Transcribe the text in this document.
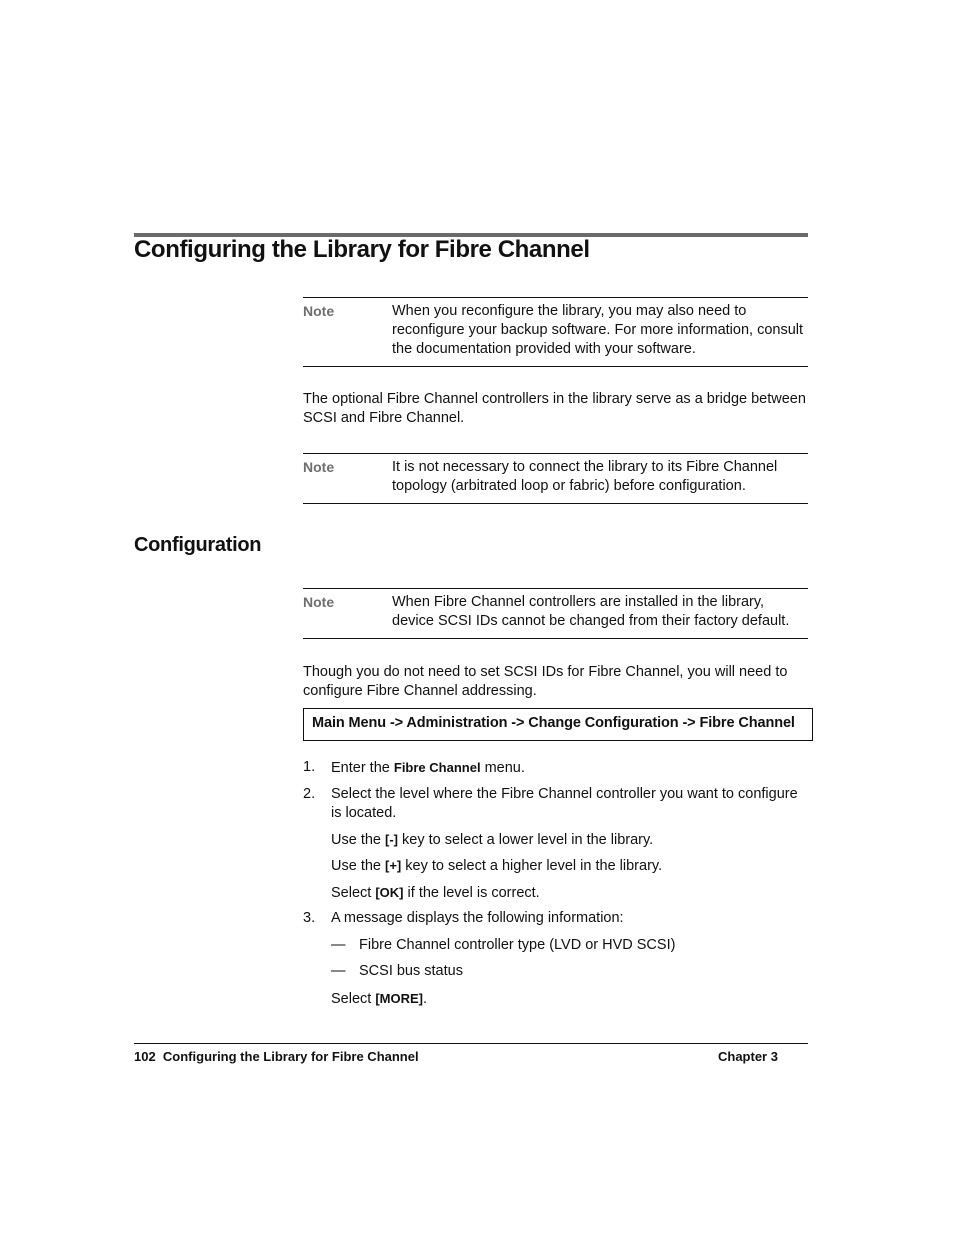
Configuring the Library for Fibre Channel
Note	When you reconfigure the library, you may also need to reconfigure your backup software. For more information, consult the documentation provided with your software.
The optional Fibre Channel controllers in the library serve as a bridge between SCSI and Fibre Channel.
Note	It is not necessary to connect the library to its Fibre Channel topology (arbitrated loop or fabric) before configuration.
Configuration
Note	When Fibre Channel controllers are installed in the library, device SCSI IDs cannot be changed from their factory default.
Though you do not need to set SCSI IDs for Fibre Channel, you will need to configure Fibre Channel addressing.
Main Menu -> Administration -> Change Configuration -> Fibre Channel
1. Enter the Fibre Channel menu.
2. Select the level where the Fibre Channel controller you want to configure is located.
Use the [-] key to select a lower level in the library.
Use the [+] key to select a higher level in the library.
Select [OK] if the level is correct.
3. A message displays the following information:
— Fibre Channel controller type (LVD or HVD SCSI)
— SCSI bus status
Select [MORE].
102  Configuring the Library for Fibre Channel	Chapter 3
